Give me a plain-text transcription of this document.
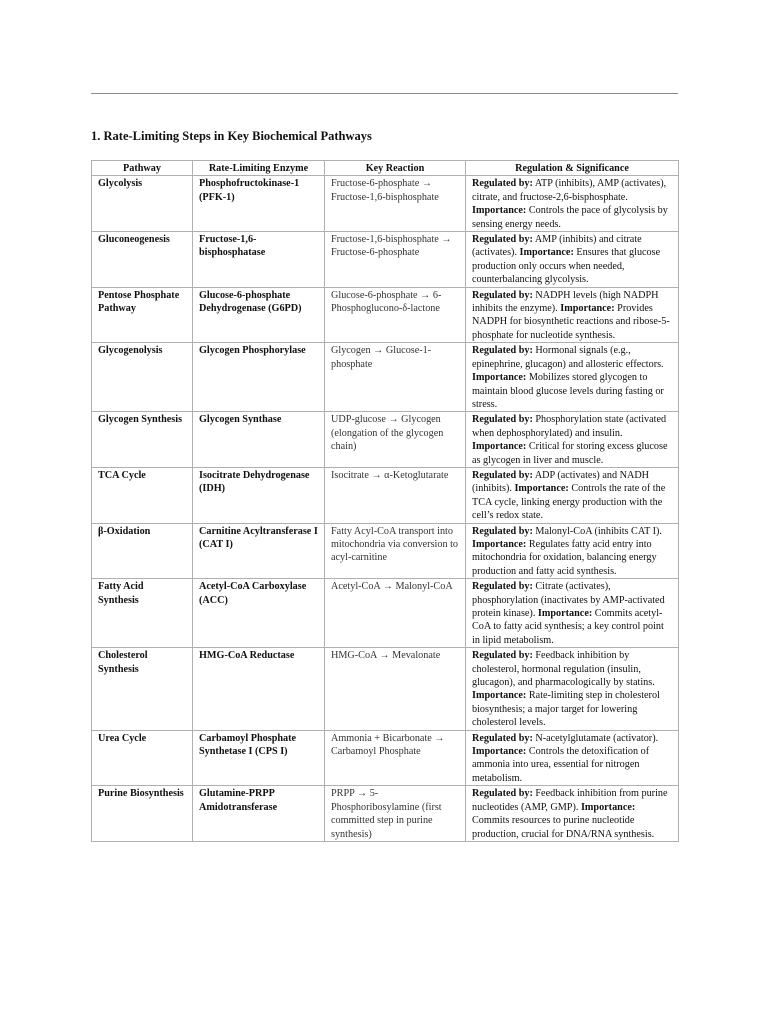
1. Rate-Limiting Steps in Key Biochemical Pathways
Pathway	Rate-Limiting Enzyme	Key Reaction	Regulation & Significance
Glycolysis	Phosphofructokinase-1 (PFK-1)	Fructose-6-phosphate → Fructose-1,6-bisphosphate	Regulated by: ATP (inhibits), AMP (activates), citrate, and fructose-2,6-bisphosphate. Importance: Controls the pace of glycolysis by sensing energy needs.
Gluconeogenesis	Fructose-1,6-bisphosphatase	Fructose-1,6-bisphosphate → Fructose-6-phosphate	Regulated by: AMP (inhibits) and citrate (activates). Importance: Ensures that glucose production only occurs when needed, counterbalancing glycolysis.
Pentose Phosphate Pathway	Glucose-6-phosphate Dehydrogenase (G6PD)	Glucose-6-phosphate → 6-Phosphoglucono-δ-lactone	Regulated by: NADPH levels (high NADPH inhibits the enzyme). Importance: Provides NADPH for biosynthetic reactions and ribose-5-phosphate for nucleotide synthesis.
Glycogenolysis	Glycogen Phosphorylase	Glycogen → Glucose-1-phosphate	Regulated by: Hormonal signals (e.g., epinephrine, glucagon) and allosteric effectors. Importance: Mobilizes stored glycogen to maintain blood glucose levels during fasting or stress.
Glycogen Synthesis	Glycogen Synthase	UDP-glucose → Glycogen (elongation of the glycogen chain)	Regulated by: Phosphorylation state (activated when dephosphorylated) and insulin. Importance: Critical for storing excess glucose as glycogen in liver and muscle.
TCA Cycle	Isocitrate Dehydrogenase (IDH)	Isocitrate → α-Ketoglutarate	Regulated by: ADP (activates) and NADH (inhibits). Importance: Controls the rate of the TCA cycle, linking energy production with the cell’s redox state.
β-Oxidation	Carnitine Acyltransferase I (CAT I)	Fatty Acyl-CoA transport into mitochondria via conversion to acyl-carnitine	Regulated by: Malonyl-CoA (inhibits CAT I). Importance: Regulates fatty acid entry into mitochondria for oxidation, balancing energy production and fatty acid synthesis.
Fatty Acid Synthesis	Acetyl-CoA Carboxylase (ACC)	Acetyl-CoA → Malonyl-CoA	Regulated by: Citrate (activates), phosphorylation (inactivates by AMP-activated protein kinase). Importance: Commits acetyl-CoA to fatty acid synthesis; a key control point in lipid metabolism.
Cholesterol Synthesis	HMG-CoA Reductase	HMG-CoA → Mevalonate	Regulated by: Feedback inhibition by cholesterol, hormonal regulation (insulin, glucagon), and pharmacologically by statins. Importance: Rate-limiting step in cholesterol biosynthesis; a major target for lowering cholesterol levels.
Urea Cycle	Carbamoyl Phosphate Synthetase I (CPS I)	Ammonia + Bicarbonate → Carbamoyl Phosphate	Regulated by: N-acetylglutamate (activator). Importance: Controls the detoxification of ammonia into urea, essential for nitrogen metabolism.
Purine Biosynthesis	Glutamine-PRPP Amidotransferase	PRPP → 5-Phosphoribosylamine (first committed step in purine synthesis)	Regulated by: Feedback inhibition from purine nucleotides (AMP, GMP). Importance: Commits resources to purine nucleotide production, crucial for DNA/RNA synthesis.
